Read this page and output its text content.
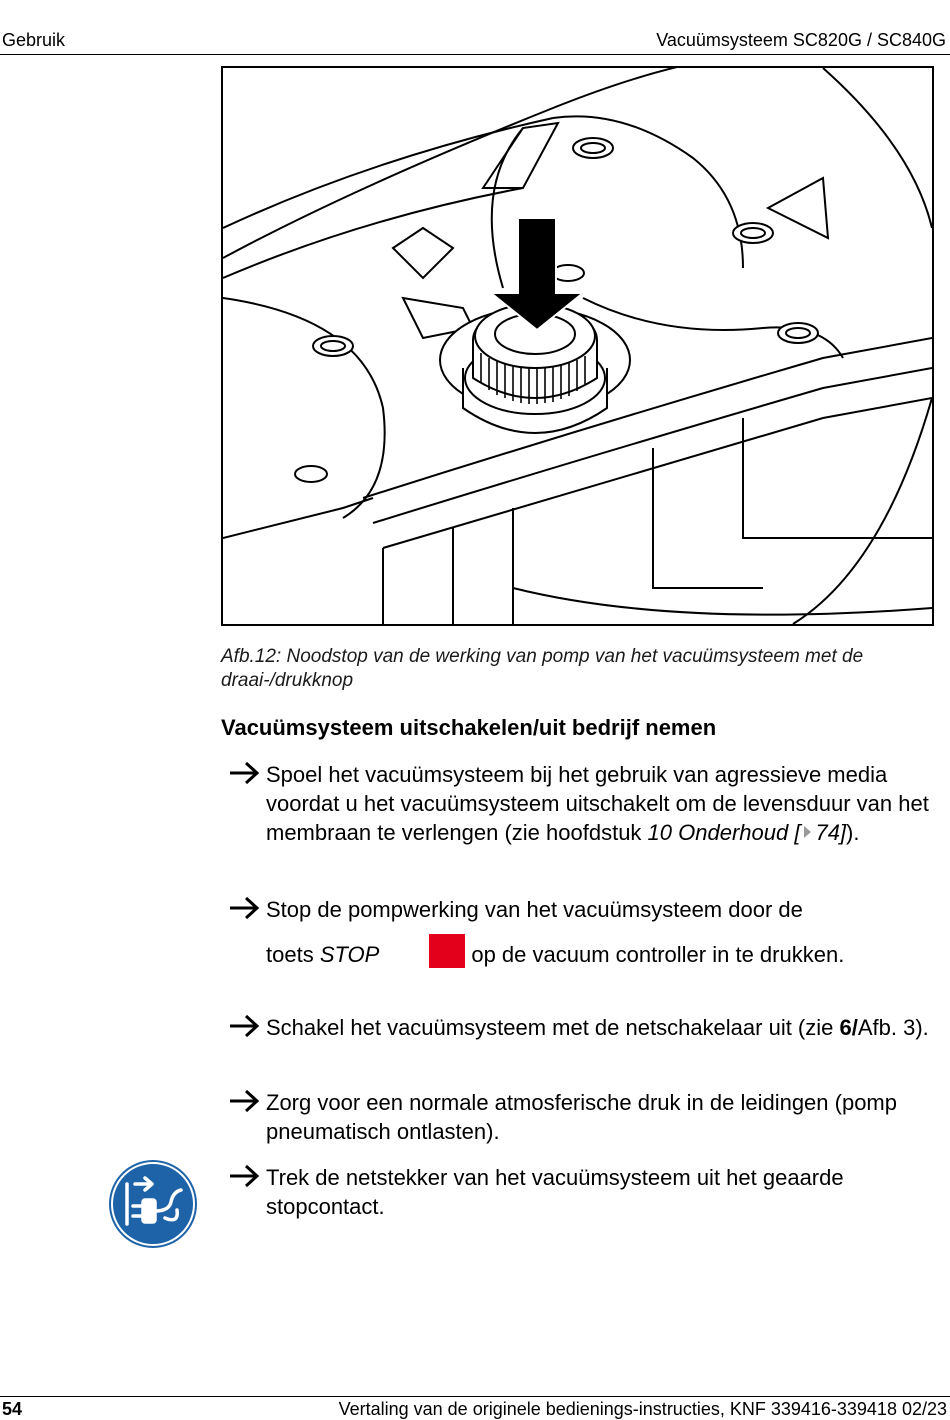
Gebruik	Vacuümsysteem SC820G / SC840G
Afb.12: Noodstop van de werking van pomp van het vacuümsysteem met de draai-/drukknop
Vacuümsysteem uitschakelen/uit bedrijf nemen
Spoel het vacuümsysteem bij het gebruik van agressieve media voordat u het vacuümsysteem uitschakelt om de levensduur van het membraan te verlengen (zie hoofdstuk 10 Onderhoud [ 74]).
Stop de pompwerking van het vacuümsysteem door de
toets STOP	op de vacuum controller in te drukken.
Schakel het vacuümsysteem met de netschakelaar uit (zie 6/Afb. 3).
Zorg voor een normale atmosferische druk in de leidingen (pomp pneumatisch ontlasten).
Trek de netstekker van het vacuümsysteem uit het geaarde stopcontact.
54	Vertaling van de originele bedienings-instructies, KNF 339416-339418 02/23
